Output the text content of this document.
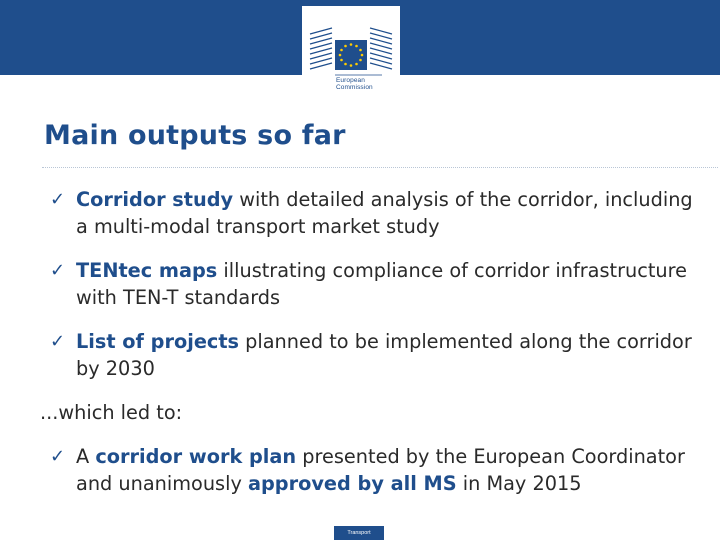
European
Commission
Main outputs so far
✓ Corridor study with detailed analysis of the corridor, including a multi-modal transport market study
✓ TENtec maps illustrating compliance of corridor infrastructure with TEN-T standards
✓ List of projects planned to be implemented along the corridor by 2030
...which led to:
✓ A corridor work plan presented by the European Coordinator and unanimously approved by all MS in May 2015
Transport
